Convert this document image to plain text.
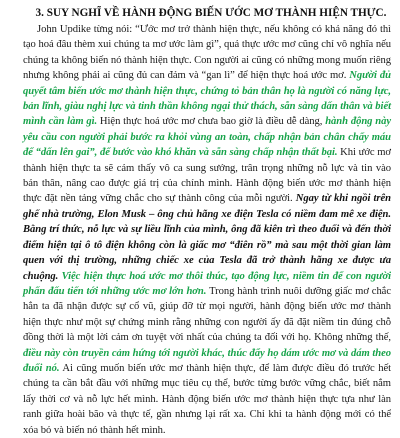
3. SUY NGHĨ VỀ HÀNH ĐỘNG BIẾN ƯỚC MƠ THÀNH HIỆN THỰC.

John Updike từng nói: “Ước mơ trở thành hiện thực, nếu không có khả năng đó thì tạo hoá đâu thèm xui chúng ta mơ ước làm gì”, quả thực ước mơ cũng chỉ vô nghĩa nếu chúng ta không biến nó thành hiện thực. Con người ai cũng có những mong muốn riêng nhưng không phải ai cũng đủ can đảm và “gan lì” để hiện thực hoá ước mơ. Người đủ quyết tâm biến ước mơ thành hiện thực, chứng tỏ bản thân họ là người có năng lực, bản lĩnh, giàu nghị lực và tinh thần không ngại thử thách, sẵn sàng dấn thân và biết mình cần làm gì. Hiện thực hoá ước mơ chưa bao giờ là điều dễ dàng, hành động này yêu cầu con người phải bước ra khỏi vùng an toàn, chấp nhận bản chân chấy máu để “dấn lên gai”, để bước vào khó khăn và sẵn sàng chấp nhận thất bại. Khi ước mơ thành hiện thực ta sẽ cảm thấy vô ca sung sướng, trân trọng những nỗ lực và tin vào bản thân, nâng cao được giá trị của chính mình. Hành động biến ước mơ thành hiện thực đặt nền tảng vững chắc cho sự thành công của mỗi người. Ngay từ khi ngồi trên ghế nhà trường, Elon Musk – ông chủ hãng xe điện Tesla có niềm đam mê xe điện. Bằng trí thức, nỗ lực và sự liều lĩnh của mình, ông đã kiên trì theo đuổi và đến thời điểm hiện tại ô tô điện không còn là giấc mơ “điên rồ” mà sau một thời gian làm quen với thị trường, những chiếc xe của Tesla đã trở thành hãng xe được ưa chuộng. Việc hiện thực hoá ước mơ thôi thúc, tạo động lực, niềm tin để con người phấn đấu tiến tới những ước mơ lớn hơn. Trong hành trình nuôi dưỡng giấc mơ chắc hẳn ta đã nhận được sự cổ vũ, giúp đỡ từ mọi người, hành động biến ước mơ thành hiện thực như một sự chứng minh rằng những con người ấy đã đặt niềm tin đúng chỗ đồng thời là một lời cảm ơn tuyệt vời nhất của chúng ta đối với họ. Không những thế, điều này còn truyền cảm hứng tới người khác, thúc đẩy họ dám ước mơ và dám theo đuổi nó. Ai cũng muốn biến ước mơ thành hiện thực, để làm được điều đó trước hết chúng ta cần bắt đầu với những mục tiêu cụ thể, bước từng bước vững chắc, biết nắm lấy thời cơ và nỗ lực hết mình. Hành động biến ước mơ thành hiện thực tựa như làn ranh giữa hoài bão và thực tế, gần nhưng lại rất xa. Chỉ khi ta hành động mới có thể xóa bỏ và biến nó thành hết mình.
